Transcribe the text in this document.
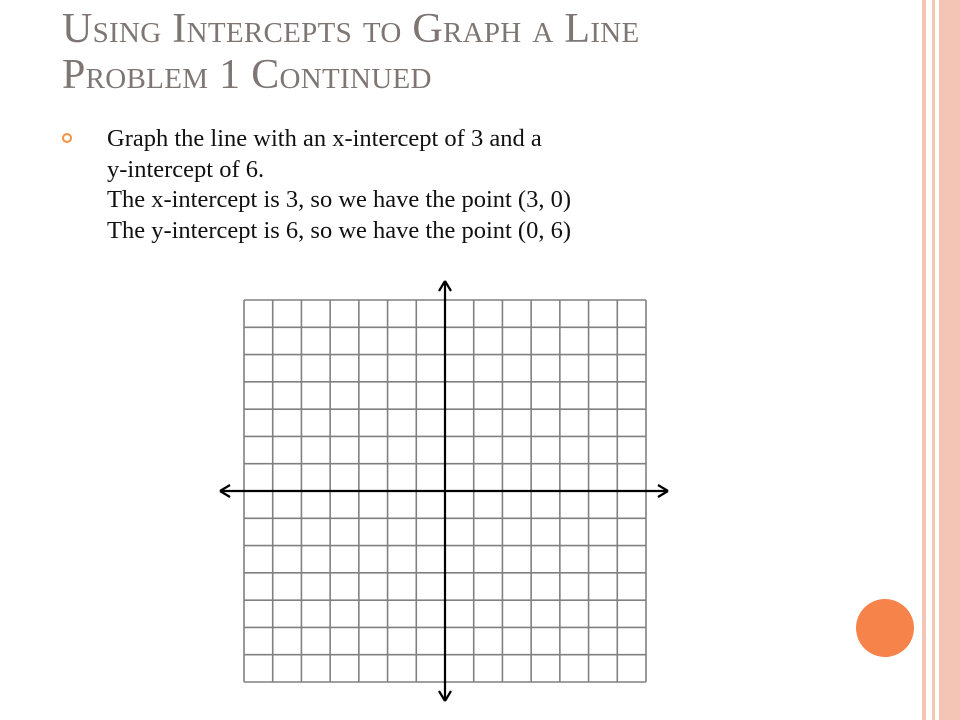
Using Intercepts to Graph a Line
Problem 1 Continued
Graph the line with an x-intercept of 3 and a
y-intercept of 6.
The x-intercept is 3, so we have the point (3, 0)
The y-intercept is 6, so we have the point (0, 6)
